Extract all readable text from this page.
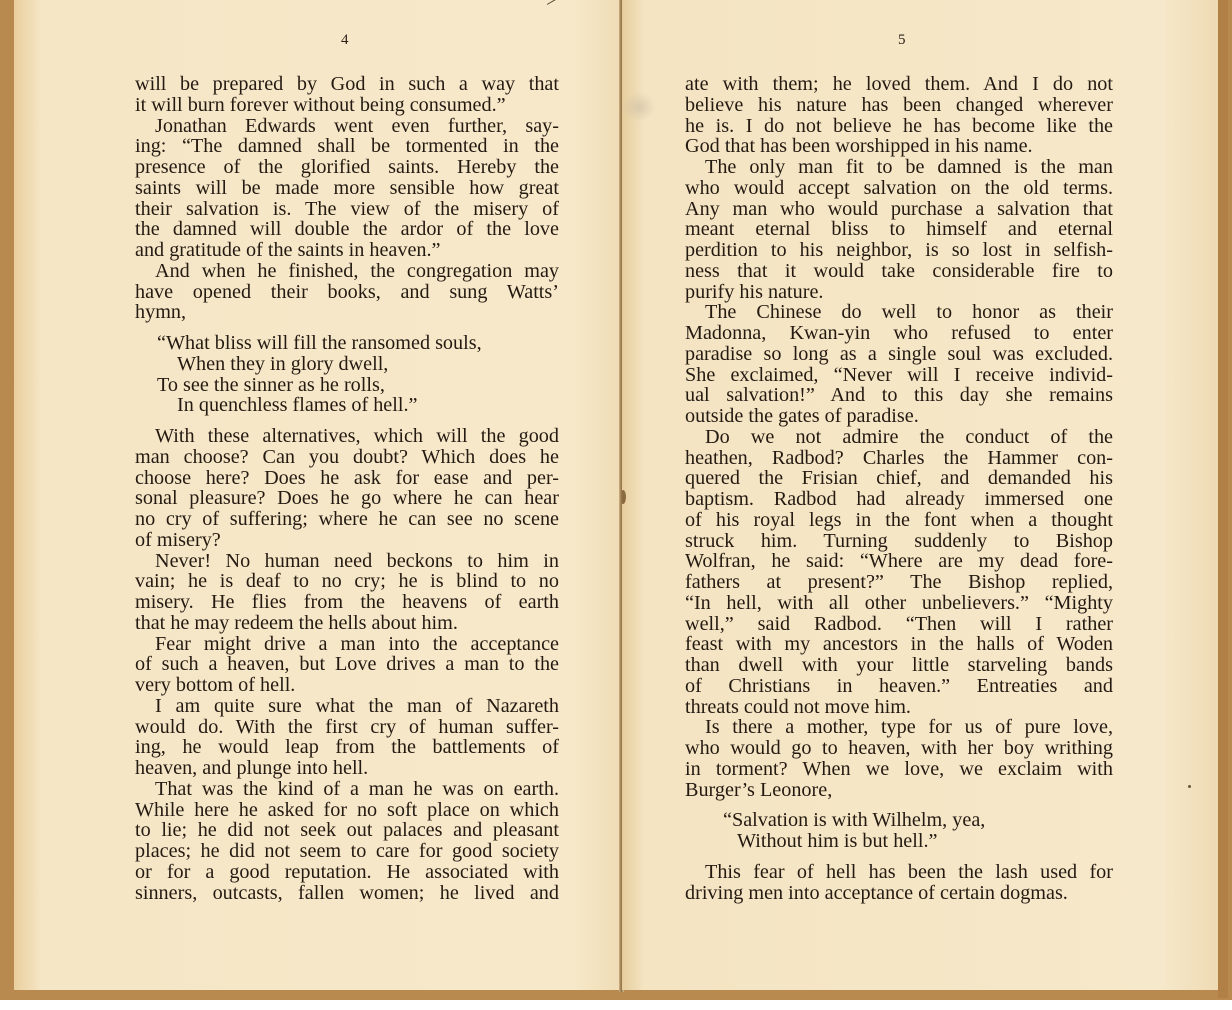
4
will be prepared by God in such a way that
it will burn forever without being consumed.”
Jonathan Edwards went even further, say-
ing: “The damned shall be tormented in the
presence of the glorified saints. Hereby the
saints will be made more sensible how great
their salvation is. The view of the misery of
the damned will double the ardor of the love
and gratitude of the saints in heaven.”
And when he finished, the congregation may
have opened their books, and sung Watts’
hymn,
“What bliss will fill the ransomed souls,
When they in glory dwell,
To see the sinner as he rolls,
In quenchless flames of hell.”
With these alternatives, which will the good
man choose? Can you doubt? Which does he
choose here? Does he ask for ease and per-
sonal pleasure? Does he go where he can hear
no cry of suffering; where he can see no scene
of misery?
Never! No human need beckons to him in
vain; he is deaf to no cry; he is blind to no
misery. He flies from the heavens of earth
that he may redeem the hells about him.
Fear might drive a man into the acceptance
of such a heaven, but Love drives a man to the
very bottom of hell.
I am quite sure what the man of Nazareth
would do. With the first cry of human suffer-
ing, he would leap from the battlements of
heaven, and plunge into hell.
That was the kind of a man he was on earth.
While here he asked for no soft place on which
to lie; he did not seek out palaces and pleasant
places; he did not seem to care for good society
or for a good reputation. He associated with
sinners, outcasts, fallen women; he lived and
5
ate with them; he loved them. And I do not
believe his nature has been changed wherever
he is. I do not believe he has become like the
God that has been worshipped in his name.
The only man fit to be damned is the man
who would accept salvation on the old terms.
Any man who would purchase a salvation that
meant eternal bliss to himself and eternal
perdition to his neighbor, is so lost in selfish-
ness that it would take considerable fire to
purify his nature.
The Chinese do well to honor as their
Madonna, Kwan-yin who refused to enter
paradise so long as a single soul was excluded.
She exclaimed, “Never will I receive individ-
ual salvation!” And to this day she remains
outside the gates of paradise.
Do we not admire the conduct of the
heathen, Radbod? Charles the Hammer con-
quered the Frisian chief, and demanded his
baptism. Radbod had already immersed one
of his royal legs in the font when a thought
struck him. Turning suddenly to Bishop
Wolfran, he said: “Where are my dead fore-
fathers at present?” The Bishop replied,
“In hell, with all other unbelievers.” “Mighty
well,” said Radbod. “Then will I rather
feast with my ancestors in the halls of Woden
than dwell with your little starveling bands
of Christians in heaven.” Entreaties and
threats could not move him.
Is there a mother, type for us of pure love,
who would go to heaven, with her boy writhing
in torment? When we love, we exclaim with
Burger’s Leonore,
“Salvation is with Wilhelm, yea,
Without him is but hell.”
This fear of hell has been the lash used for
driving men into acceptance of certain dogmas.
